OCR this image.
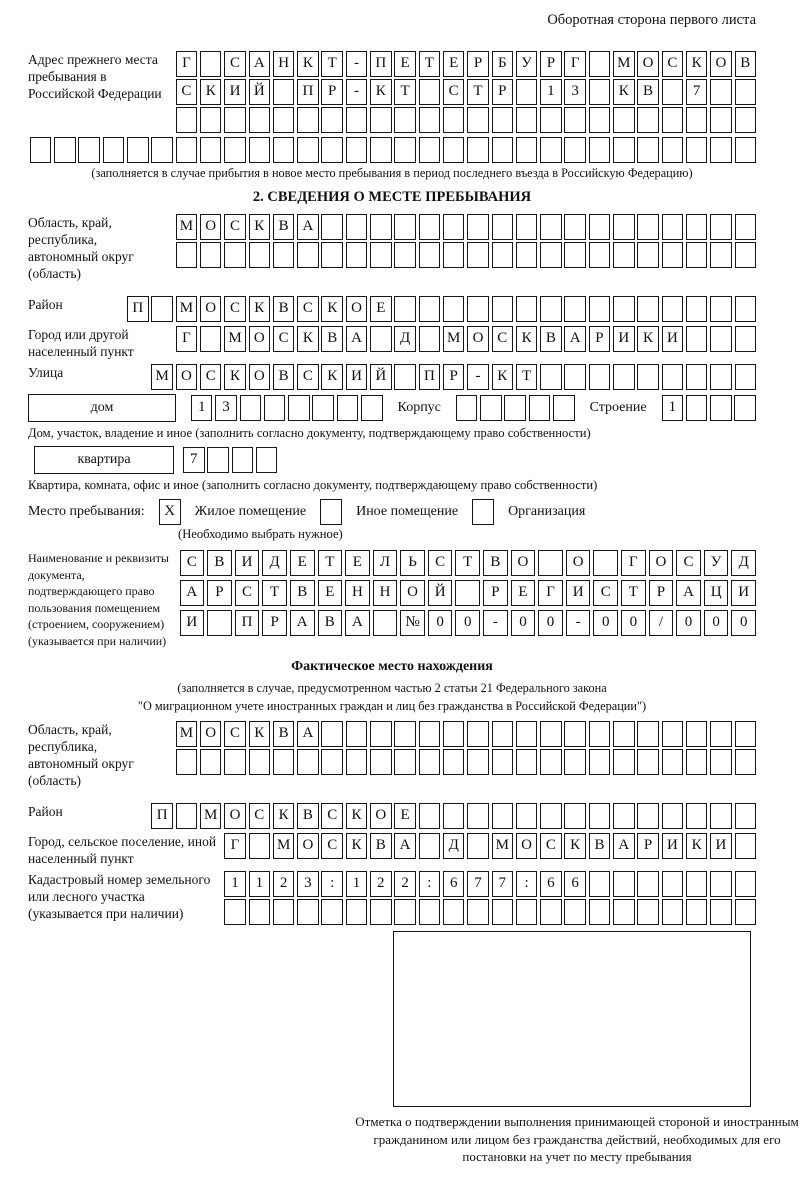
Оборотная сторона первого листа
Адрес прежнего места пребывания в Российской Федерации
Г	С А Н К Т	-	П Е	Т	Е	Р	Б У Р	Г	М О С К О В
С К И Й	П Р	-	К Т	С Т	Р	1	3	К В	7
(заполняется в случае прибытия в новое место пребывания в период последнего въезда в Российскую Федерацию)
2. СВЕДЕНИЯ О МЕСТЕ ПРЕБЫВАНИЯ
Область, край, республика, автономный округ (область)
М О С К В А
Район	П	М О С К В С К О Е
Город или другой населенный пункт
Г	М О С К В А	Д	М О С К В А Р И К И
Улица	М О С К О В С К И Й	П Р	-	К Т
дом	1	3	Корпус	Строение	1
Дом, участок, владение и иное (заполнить согласно документу, подтверждающему право собственности)
квартира	7
Квартира, комната, офис и иное (заполнить согласно документу, подтверждающему право собственности)
Место пребывания:	X	Жилое помещение	Иное помещение	Организация
(Необходимо выбрать нужное)
Наименование и реквизиты документа, подтверждающего право пользования помещением (строением, сооружением) (указывается при наличии)
С	В	И	Д	Е	Т	Е	Л	Ь	С	Т	В	О	О	Г	О	С	У	Д
А	Р	С	Т	В	Е	Н	Н	О	Й	Р	Е	Г	И	С	Т	Р	А	Ц	И
И	П	Р	А	В	А	№	0	0	-	0	0	-	0	0	/	0	0	0
Фактическое место нахождения
(заполняется в случае, предусмотренном частью 2 статьи 21 Федерального закона
"О миграционном учете иностранных граждан и лиц без гражданства в Российской Федерации")
Область, край, республика, автономный округ (область)
М О С К В А
Район	П	М О С К В С К О Е
Город, сельское поселение, иной населенный пункт
Г	М О С К В А	Д	М О С К В А Р И К И
Кадастровый номер земельного или лесного участка (указывается при наличии)
1	1	2	3	:	1	2	2	:	6	7	7	:	6	6
Отметка о подтверждении выполнения принимающей стороной и иностранным гражданином или лицом без гражданства действий, необходимых для его постановки на учет по месту пребывания
